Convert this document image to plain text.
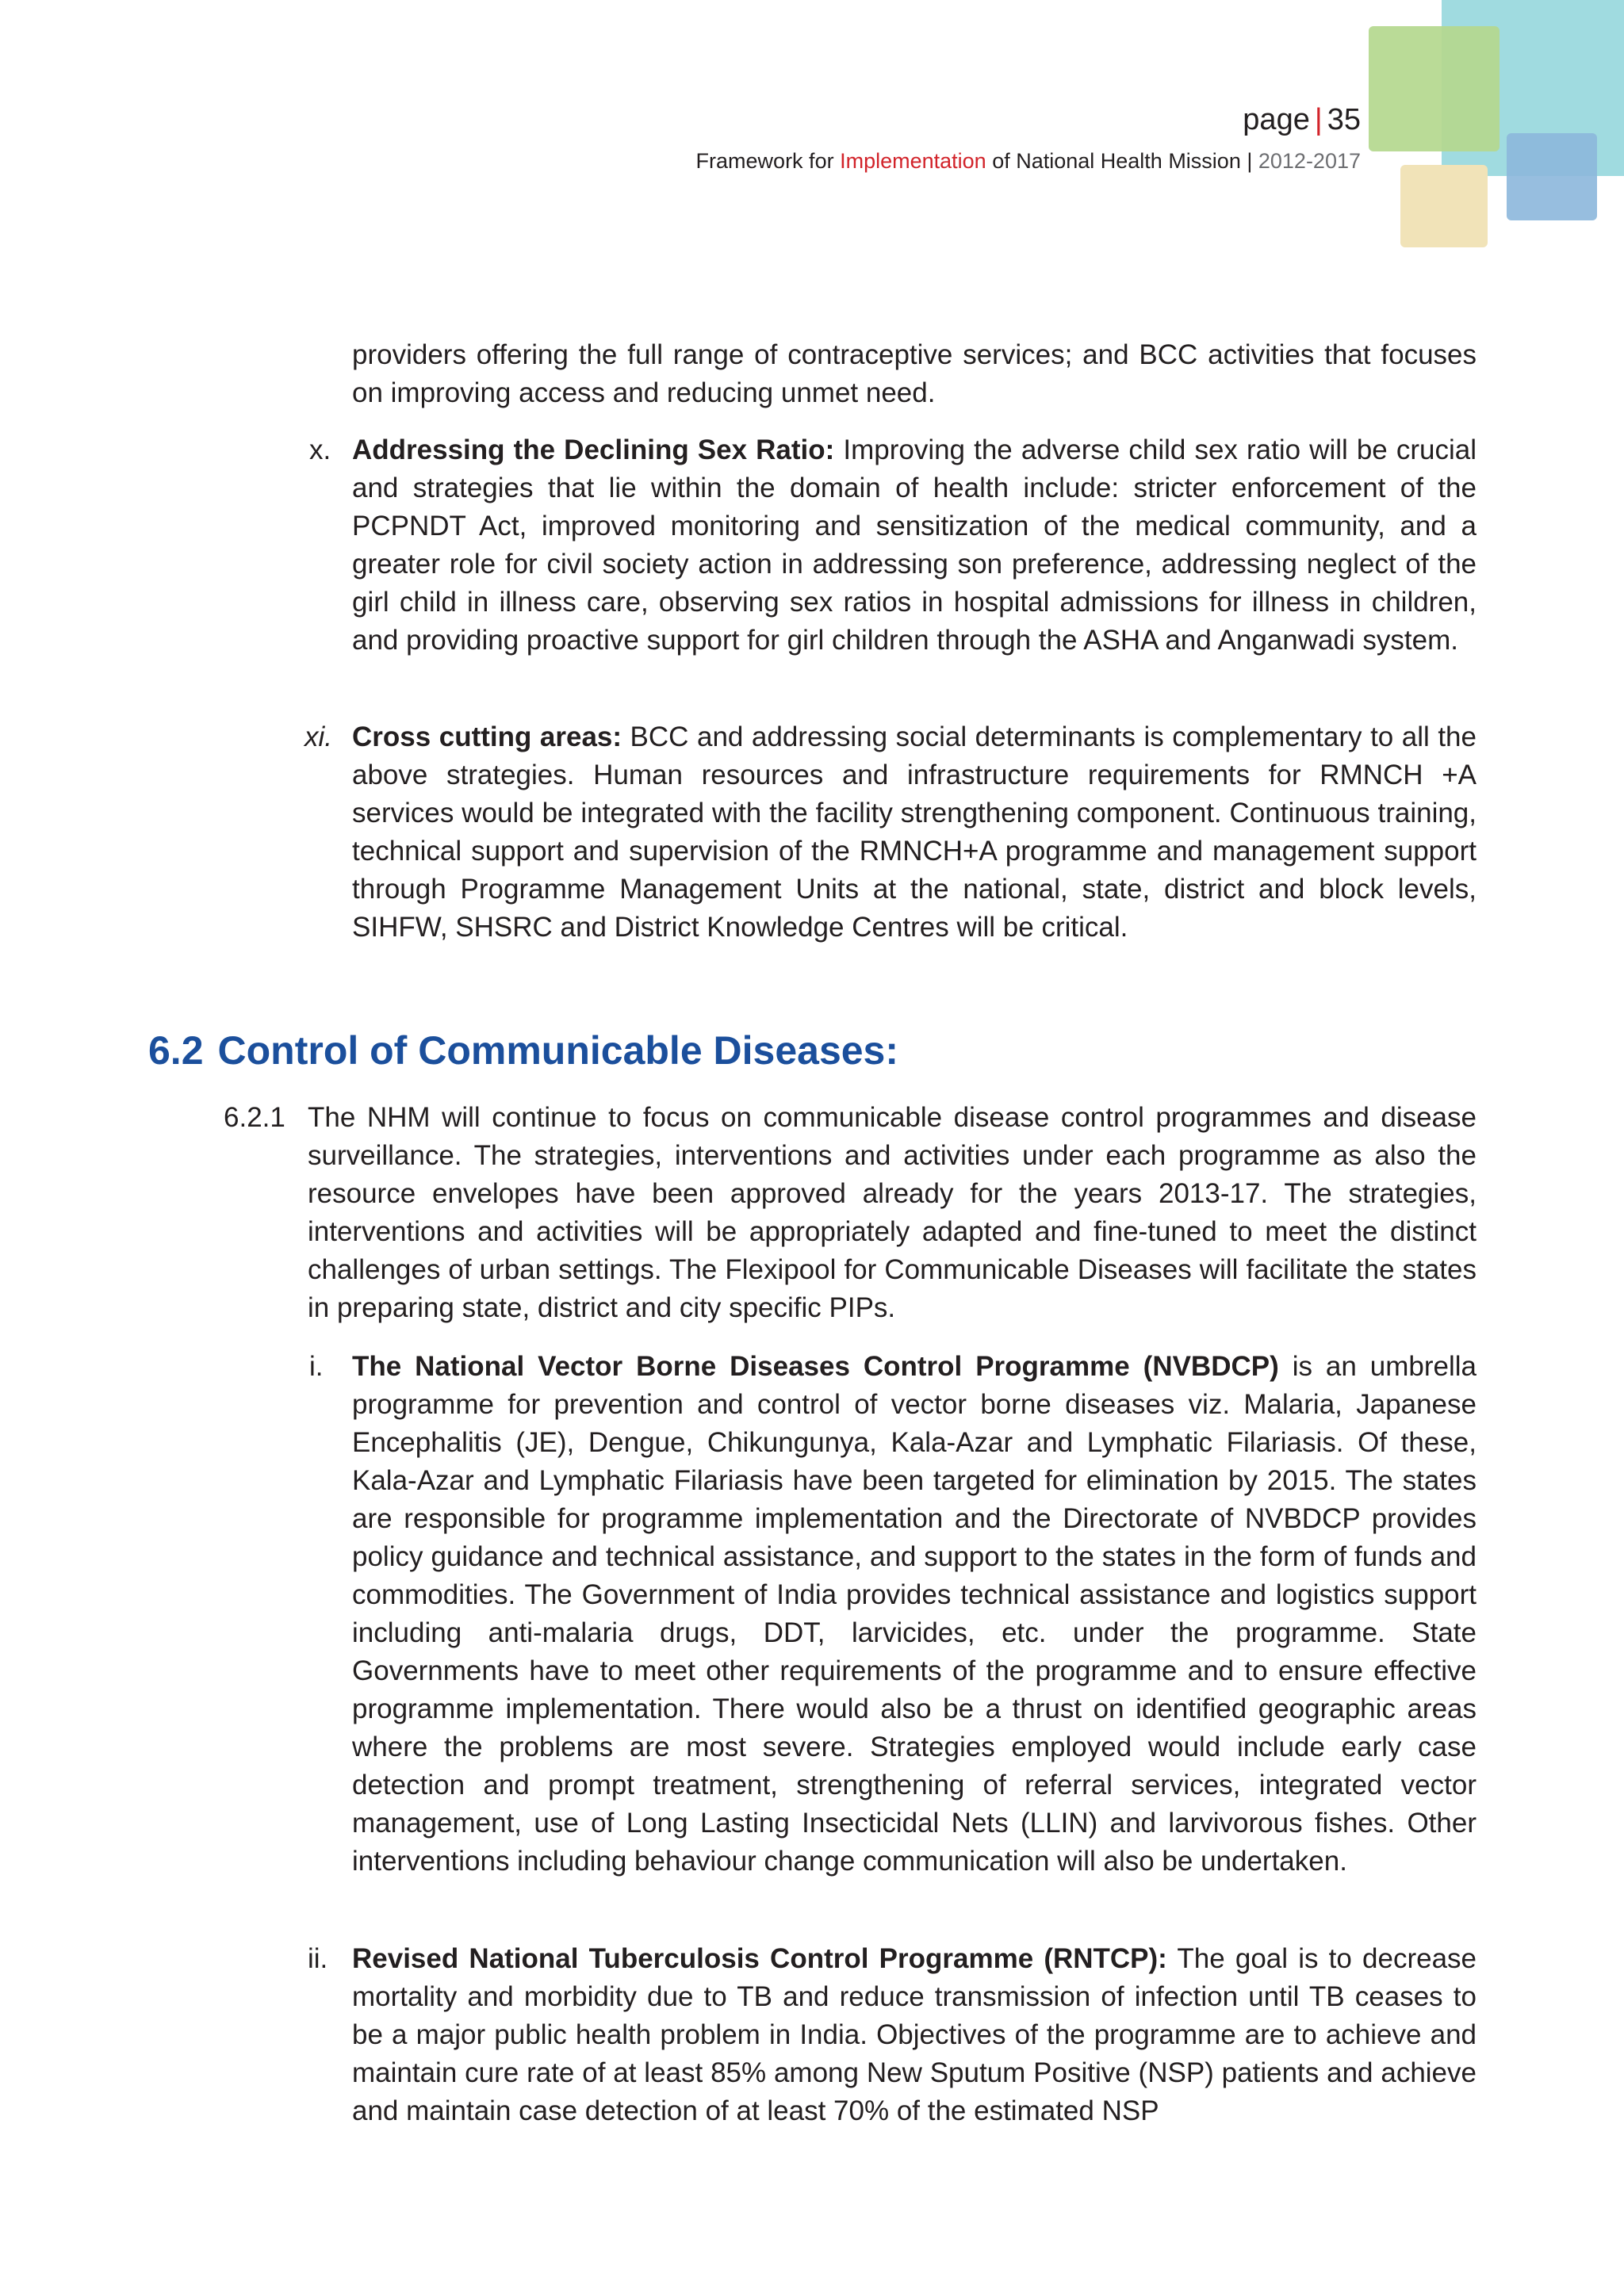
page | 35
Framework for Implementation of National Health Mission | 2012-2017
providers offering the full range of contraceptive services; and BCC activities that focuses on improving access and reducing unmet need.
x. Addressing the Declining Sex Ratio: Improving the adverse child sex ratio will be crucial and strategies that lie within the domain of health include: stricter enforcement of the PCPNDT Act, improved monitoring and sensitization of the medical community, and a greater role for civil society action in addressing son preference, addressing neglect of the girl child in illness care, observing sex ratios in hospital admissions for illness in children, and providing proactive support for girl children through the ASHA and Anganwadi system.
xi. Cross cutting areas: BCC and addressing social determinants is complementary to all the above strategies. Human resources and infrastructure requirements for RMNCH +A services would be integrated with the facility strengthening component. Continuous training, technical support and supervision of the RMNCH+A programme and management support through Programme Management Units at the national, state, district and block levels, SIHFW, SHSRC and District Knowledge Centres will be critical.
6.2 Control of Communicable Diseases:
6.2.1 The NHM will continue to focus on communicable disease control programmes and disease surveillance. The strategies, interventions and activities under each programme as also the resource envelopes have been approved already for the years 2013-17. The strategies, interventions and activities will be appropriately adapted and fine-tuned to meet the distinct challenges of urban settings. The Flexipool for Communicable Diseases will facilitate the states in preparing state, district and city specific PIPs.
i. The National Vector Borne Diseases Control Programme (NVBDCP) is an umbrella programme for prevention and control of vector borne diseases viz. Malaria, Japanese Encephalitis (JE), Dengue, Chikungunya, Kala-Azar and Lymphatic Filariasis. Of these, Kala-Azar and Lymphatic Filariasis have been targeted for elimination by 2015. The states are responsible for programme implementation and the Directorate of NVBDCP provides policy guidance and technical assistance, and support to the states in the form of funds and commodities. The Government of India provides technical assistance and logistics support including anti-malaria drugs, DDT, larvicides, etc. under the programme. State Governments have to meet other requirements of the programme and to ensure effective programme implementation. There would also be a thrust on identified geographic areas where the problems are most severe. Strategies employed would include early case detection and prompt treatment, strengthening of referral services, integrated vector management, use of Long Lasting Insecticidal Nets (LLIN) and larvivorous fishes. Other interventions including behaviour change communication will also be undertaken.
ii. Revised National Tuberculosis Control Programme (RNTCP): The goal is to decrease mortality and morbidity due to TB and reduce transmission of infection until TB ceases to be a major public health problem in India. Objectives of the programme are to achieve and maintain cure rate of at least 85% among New Sputum Positive (NSP) patients and achieve and maintain case detection of at least 70% of the estimated NSP
